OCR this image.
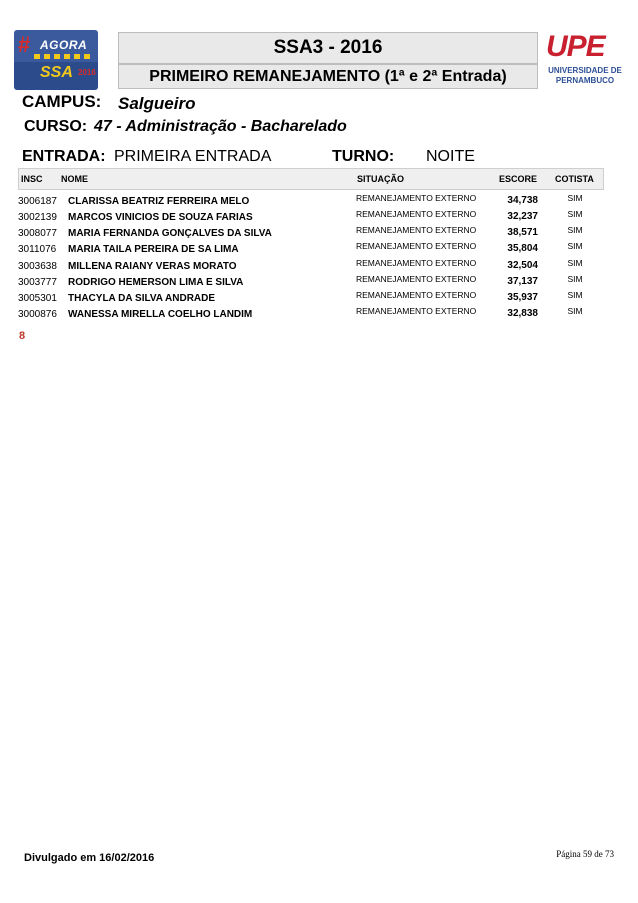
# AGORA
SSA 2016
SSA3 - 2016
PRIMEIRO REMANEJAMENTO (1ª e 2ª Entrada)
UPE
UNIVERSIDADE DE PERNAMBUCO
CAMPUS: Salgueiro
CURSO: 47 - Administração - Bacharelado
ENTRADA: PRIMEIRA ENTRADA	TURNO: NOITE
INSC NOME	SITUAÇÃO	ESCORE COTISTA
3006187 CLARISSA BEATRIZ FERREIRA MELO	REMANEJAMENTO EXTERNO	34,738	SIM
3002139 MARCOS VINICIOS DE SOUZA FARIAS	REMANEJAMENTO EXTERNO	32,237	SIM
3008077 MARIA FERNANDA GONÇALVES DA SILVA	REMANEJAMENTO EXTERNO	38,571	SIM
3011076 MARIA TAILA PEREIRA DE SA LIMA	REMANEJAMENTO EXTERNO	35,804	SIM
3003638 MILLENA RAIANY VERAS MORATO	REMANEJAMENTO EXTERNO	32,504	SIM
3003777 RODRIGO HEMERSON LIMA E SILVA	REMANEJAMENTO EXTERNO	37,137	SIM
3005301 THACYLA DA SILVA ANDRADE	REMANEJAMENTO EXTERNO	35,937	SIM
3000876 WANESSA MIRELLA COELHO LANDIM	REMANEJAMENTO EXTERNO	32,838	SIM
8
Divulgado em 16/02/2016	Página 59 de 73
